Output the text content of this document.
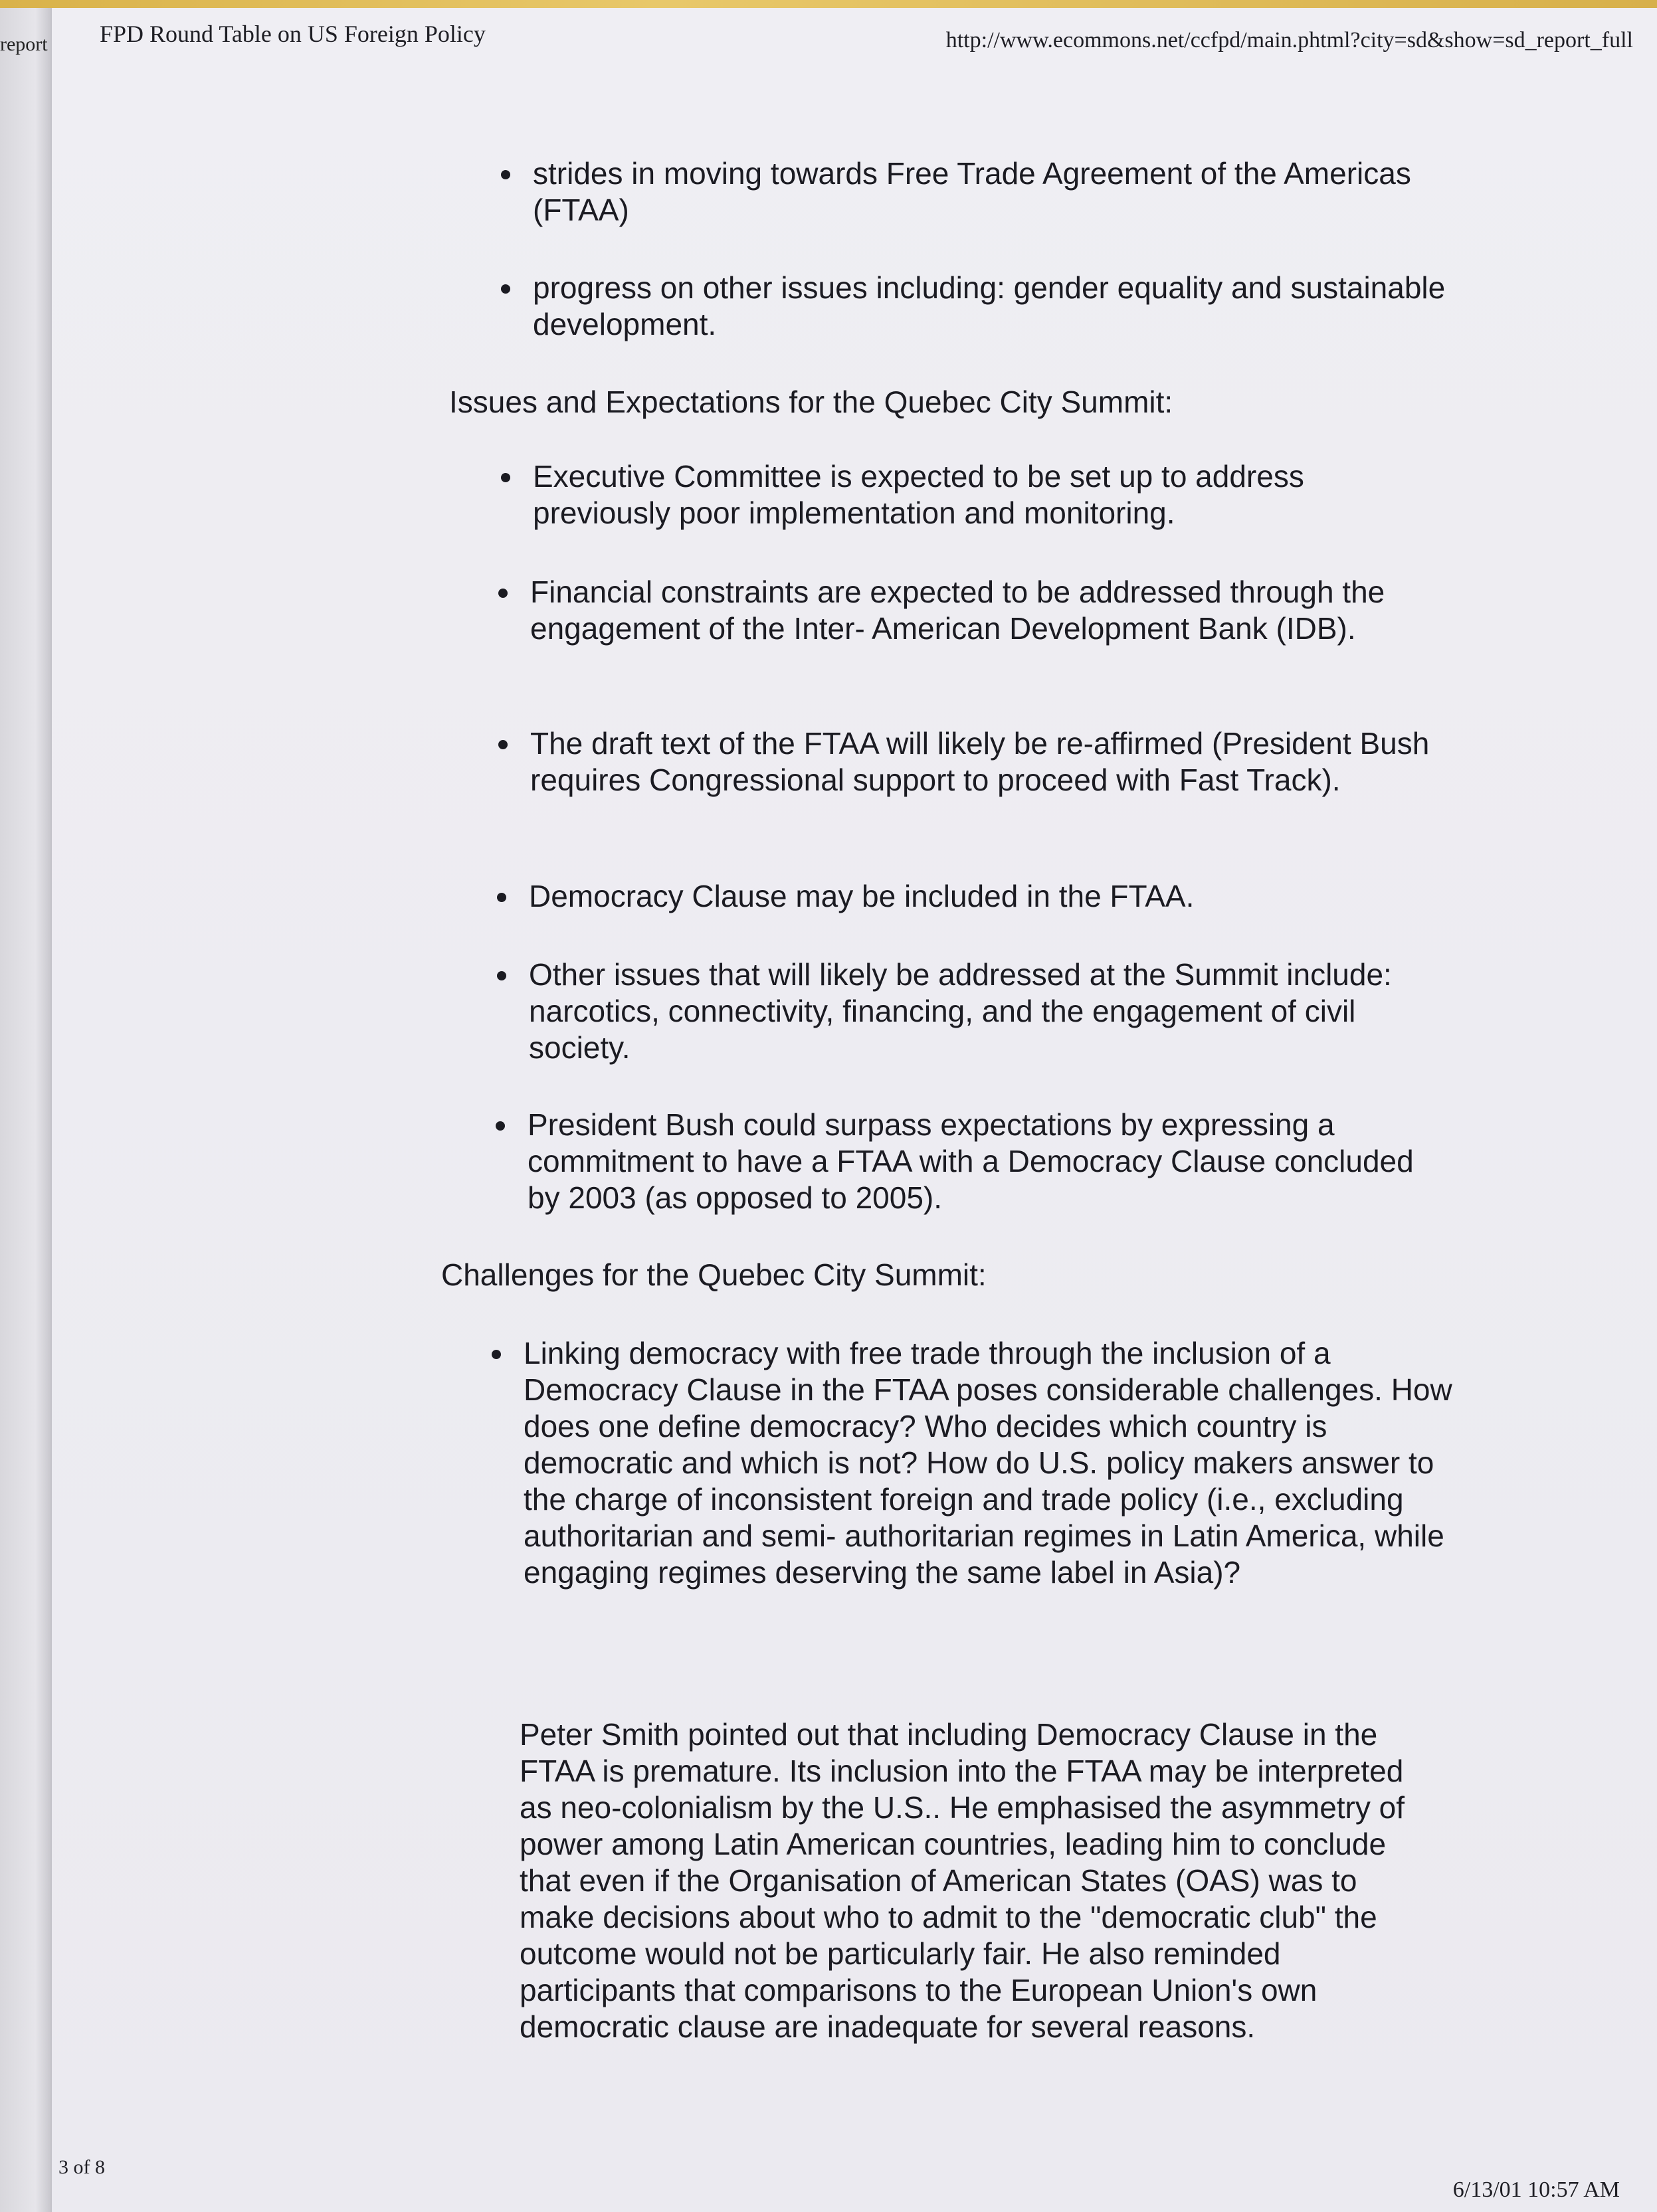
report FPD Round Table on US Foreign Policy	http://www.ecommons.net/ccfpd/main.phtml?city=sd&show=sd_report_full
strides in moving towards Free Trade Agreement of the Americas (FTAA)
progress on other issues including: gender equality and sustainable development.
Issues and Expectations for the Quebec City Summit:
Executive Committee is expected to be set up to address previously poor implementation and monitoring.
Financial constraints are expected to be addressed through the engagement of the Inter- American Development Bank (IDB).
The draft text of the FTAA will likely be re-affirmed (President Bush requires Congressional support to proceed with Fast Track).
Democracy Clause may be included in the FTAA.
Other issues that will likely be addressed at the Summit include: narcotics, connectivity, financing, and the engagement of civil society.
President Bush could surpass expectations by expressing a commitment to have a FTAA with a Democracy Clause concluded by 2003 (as opposed to 2005).
Challenges for the Quebec City Summit:
Linking democracy with free trade through the inclusion of a Democracy Clause in the FTAA poses considerable challenges. How does one define democracy? Who decides which country is democratic and which is not? How do U.S. policy makers answer to the charge of inconsistent foreign and trade policy (i.e., excluding authoritarian and semi- authoritarian regimes in Latin America, while engaging regimes deserving the same label in Asia)?
Peter Smith pointed out that including Democracy Clause in the FTAA is premature. Its inclusion into the FTAA may be interpreted as neo-colonialism by the U.S.. He emphasised the asymmetry of power among Latin American countries, leading him to conclude that even if the Organisation of American States (OAS) was to make decisions about who to admit to the "democratic club" the outcome would not be particularly fair. He also reminded participants that comparisons to the European Union's own democratic clause are inadequate for several reasons.
3 of 8
6/13/01 10:57 AM
